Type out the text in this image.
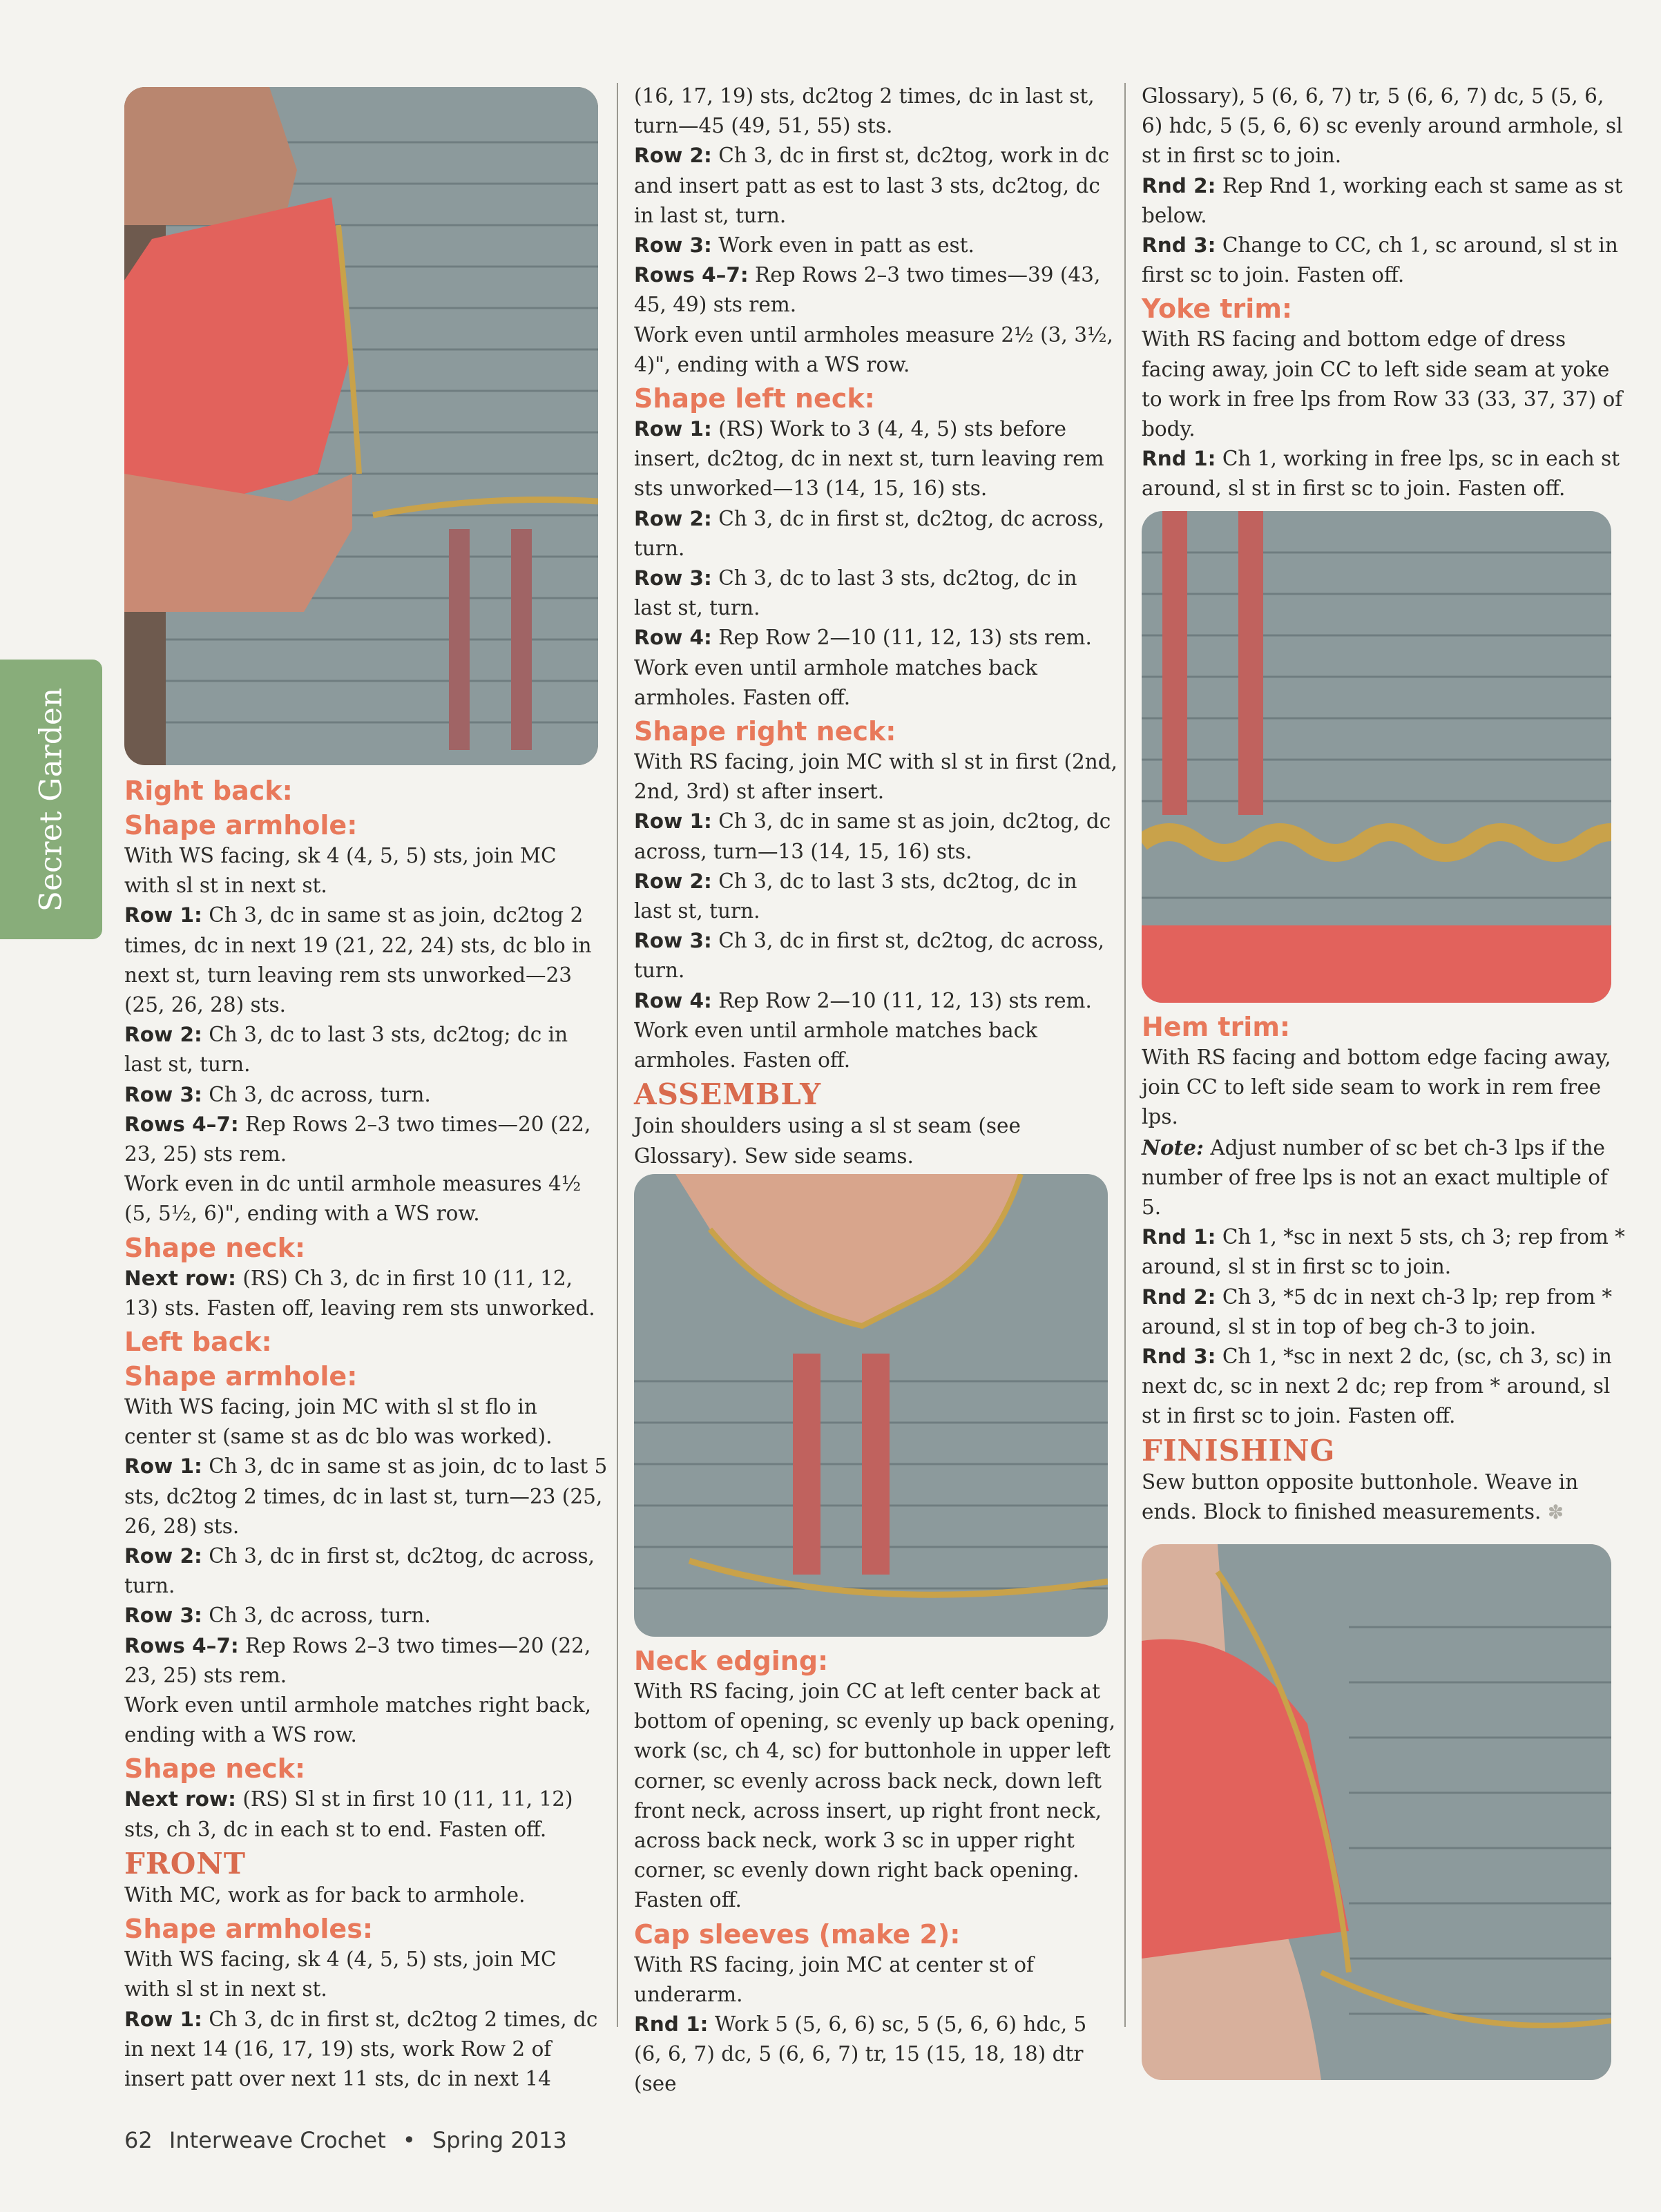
Secret Garden Right back:
Shape armhole:

With WS facing, sk 4 (4, 5, 5) sts, join MC with sl st in next st.

Row 1: Ch 3, dc in same st as join, dc2tog 2 times, dc in next 19 (21, 22, 24) sts, dc blo in next st, turn leaving rem sts unworked—23 (25, 26, 28) sts.

Row 2: Ch 3, dc to last 3 sts, dc2tog; dc in last st, turn.

Row 3: Ch 3, dc across, turn.

Rows 4–7: Rep Rows 2–3 two times—20 (22, 23, 25) sts rem.

Work even in dc until armhole measures 4½ (5, 5½, 6)", ending with a WS row.

Shape neck:

Next row: (RS) Ch 3, dc in first 10 (11, 12, 13) sts. Fasten off, leaving rem sts unworked.

Left back:
Shape armhole:

With WS facing, join MC with sl st flo in center st (same st as dc blo was worked).

Row 1: Ch 3, dc in same st as join, dc to last 5 sts, dc2tog 2 times, dc in last st, turn—23 (25, 26, 28) sts.

Row 2: Ch 3, dc in first st, dc2tog, dc across, turn.

Row 3: Ch 3, dc across, turn.

Rows 4–7: Rep Rows 2–3 two times—20 (22, 23, 25) sts rem.

Work even until armhole matches right back, ending with a WS row.

Shape neck:

Next row: (RS) Sl st in first 10 (11, 11, 12) sts, ch 3, dc in each st to end. Fasten off.

FRONT

With MC, work as for back to armhole.

Shape armholes:

With WS facing, sk 4 (4, 5, 5) sts, join MC with sl st in next st.

Row 1: Ch 3, dc in first st, dc2tog 2 times, dc in next 14 (16, 17, 19) sts, work Row 2 of insert patt over next 11 sts, dc in next 14

(16, 17, 19) sts, dc2tog 2 times, dc in last st, turn—45 (49, 51, 55) sts.

Row 2: Ch 3, dc in first st, dc2tog, work in dc and insert patt as est to last 3 sts, dc2tog, dc in last st, turn.

Row 3: Work even in patt as est.

Rows 4–7: Rep Rows 2–3 two times—39 (43, 45, 49) sts rem.

Work even until armholes measure 2½ (3, 3½, 4)", ending with a WS row.

Shape left neck:

Row 1: (RS) Work to 3 (4, 4, 5) sts before insert, dc2tog, dc in next st, turn leaving rem sts unworked—13 (14, 15, 16) sts.

Row 2: Ch 3, dc in first st, dc2tog, dc across, turn.

Row 3: Ch 3, dc to last 3 sts, dc2tog, dc in last st, turn.

Row 4: Rep Row 2—10 (11, 12, 13) sts rem.

Work even until armhole matches back armholes. Fasten off.

Shape right neck:

With RS facing, join MC with sl st in first (2nd, 2nd, 3rd) st after insert.

Row 1: Ch 3, dc in same st as join, dc2tog, dc across, turn—13 (14, 15, 16) sts.

Row 2: Ch 3, dc to last 3 sts, dc2tog, dc in last st, turn.

Row 3: Ch 3, dc in first st, dc2tog, dc across, turn.

Row 4: Rep Row 2—10 (11, 12, 13) sts rem.

Work even until armhole matches back armholes. Fasten off.

ASSEMBLY

Join shoulders using a sl st seam (see Glossary). Sew side seams.

Neck edging:

With RS facing, join CC at left center back at bottom of opening, sc evenly up back opening, work (sc, ch 4, sc) for buttonhole in upper left corner, sc evenly across back neck, down left front neck, across insert, up right front neck, across back neck, work 3 sc in upper right corner, sc evenly down right back opening. Fasten off.

Cap sleeves (make 2):

With RS facing, join MC at center st of underarm.

Rnd 1: Work 5 (5, 6, 6) sc, 5 (5, 6, 6) hdc, 5 (6, 6, 7) dc, 5 (6, 6, 7) tr, 15 (15, 18, 18) dtr (see

Glossary), 5 (6, 6, 7) tr, 5 (6, 6, 7) dc, 5 (5, 6, 6) hdc, 5 (5, 6, 6) sc evenly around armhole, sl st in first sc to join.

Rnd 2: Rep Rnd 1, working each st same as st below.

Rnd 3: Change to CC, ch 1, sc around, sl st in first sc to join. Fasten off.

Yoke trim:

With RS facing and bottom edge of dress facing away, join CC to left side seam at yoke to work in free lps from Row 33 (33, 37, 37) of body.

Rnd 1: Ch 1, working in free lps, sc in each st around, sl st in first sc to join. Fasten off.

Hem trim:

With RS facing and bottom edge facing away, join CC to left side seam to work in rem free lps.

Note: Adjust number of sc bet ch-3 lps if the number of free lps is not an exact multiple of 5.

Rnd 1: Ch 1, *sc in next 5 sts, ch 3; rep from * around, sl st in first sc to join.

Rnd 2: Ch 3, *5 dc in next ch-3 lp; rep from * around, sl st in top of beg ch-3 to join.

Rnd 3: Ch 1, *sc in next 2 dc, (sc, ch 3, sc) in next dc, sc in next 2 dc; rep from * around, sl st in first sc to join. Fasten off.

FINISHING

Sew button opposite buttonhole. Weave in ends. Block to finished measurements. ✽

62 Interweave Crochet • Spring 2013
